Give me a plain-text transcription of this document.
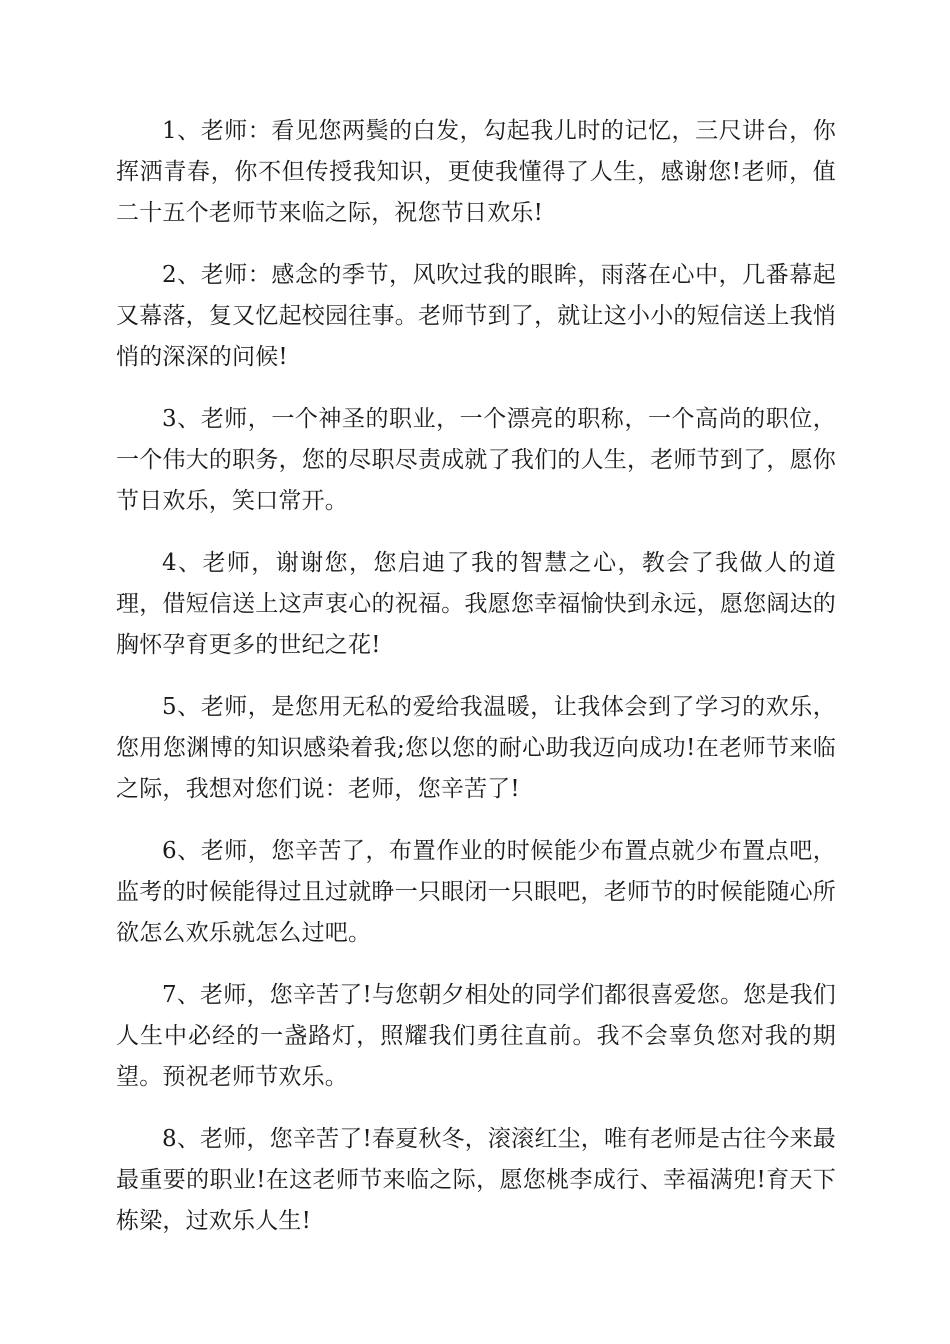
1、老师：看见您两鬓的白发，勾起我儿时的记忆，三尺讲台，你挥洒青春，你不但传授我知识，更使我懂得了人生，感谢您!老师，值二十五个老师节来临之际，祝您节日欢乐!

2、老师：感念的季节，风吹过我的眼眸，雨落在心中，几番幕起又幕落，复又忆起校园往事。老师节到了，就让这小小的短信送上我悄悄的深深的问候!

3、老师，一个神圣的职业，一个漂亮的职称，一个高尚的职位，一个伟大的职务，您的尽职尽责成就了我们的人生，老师节到了，愿你节日欢乐，笑口常开。

4、老师，谢谢您，您启迪了我的智慧之心，教会了我做人的道理，借短信送上这声衷心的祝福。我愿您幸福愉快到永远，愿您阔达的胸怀孕育更多的世纪之花!

5、老师，是您用无私的爱给我温暖，让我体会到了学习的欢乐，您用您渊博的知识感染着我;您以您的耐心助我迈向成功!在老师节来临之际，我想对您们说：老师，您辛苦了!

6、老师，您辛苦了，布置作业的时候能少布置点就少布置点吧，监考的时候能得过且过就睁一只眼闭一只眼吧，老师节的时候能随心所欲怎么欢乐就怎么过吧。

7、老师，您辛苦了!与您朝夕相处的同学们都很喜爱您。您是我们人生中必经的一盏路灯，照耀我们勇往直前。我不会辜负您对我的期望。预祝老师节欢乐。

8、老师，您辛苦了!春夏秋冬，滚滚红尘，唯有老师是古往今来最最重要的职业!在这老师节来临之际，愿您桃李成行、幸福满兜!育天下栋梁，过欢乐人生!
